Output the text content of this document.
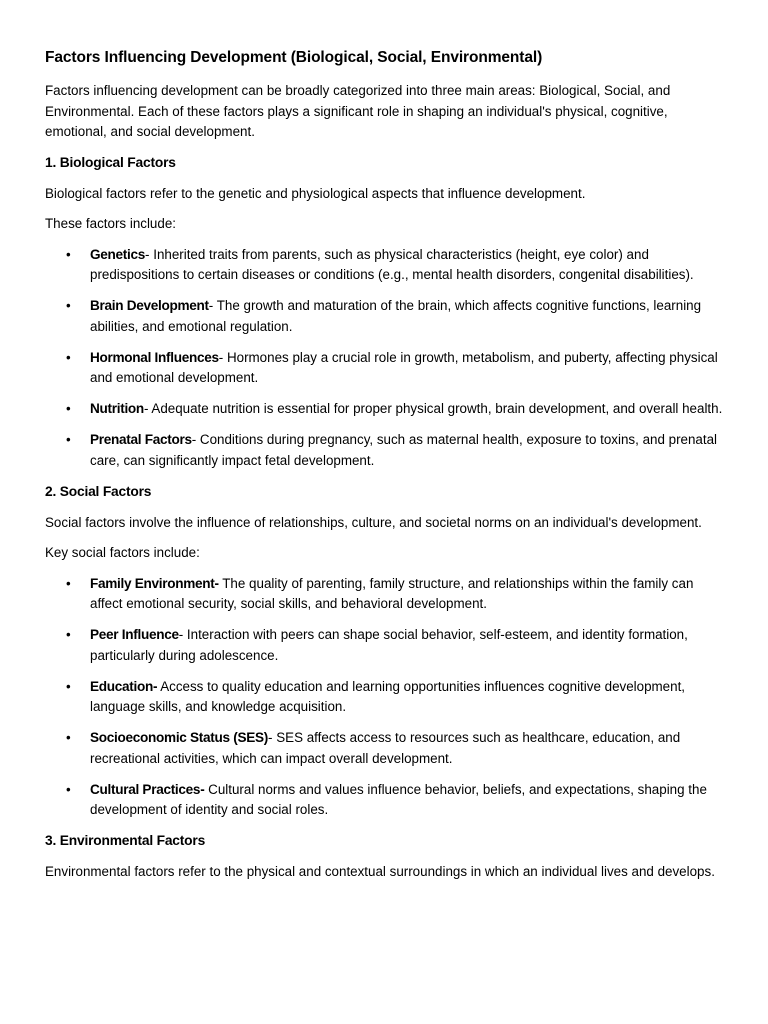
Factors Influencing Development (Biological, Social, Environmental)

Factors influencing development can be broadly categorized into three main areas: Biological, Social, and Environmental. Each of these factors plays a significant role in shaping an individual's physical, cognitive, emotional, and social development.

1. Biological Factors

Biological factors refer to the genetic and physiological aspects that influence development.

These factors include:

• Genetics- Inherited traits from parents, such as physical characteristics (height, eye color) and predispositions to certain diseases or conditions (e.g., mental health disorders, congenital disabilities).
• Brain Development- The growth and maturation of the brain, which affects cognitive functions, learning abilities, and emotional regulation.
• Hormonal Influences- Hormones play a crucial role in growth, metabolism, and puberty, affecting physical and emotional development.
• Nutrition- Adequate nutrition is essential for proper physical growth, brain development, and overall health.
• Prenatal Factors- Conditions during pregnancy, such as maternal health, exposure to toxins, and prenatal care, can significantly impact fetal development.
2. Social Factors

Social factors involve the influence of relationships, culture, and societal norms on an individual's development.

Key social factors include:

• Family Environment- The quality of parenting, family structure, and relationships within the family can affect emotional security, social skills, and behavioral development.
• Peer Influence- Interaction with peers can shape social behavior, self-esteem, and identity formation, particularly during adolescence.
• Education- Access to quality education and learning opportunities influences cognitive development, language skills, and knowledge acquisition.
• Socioeconomic Status (SES)- SES affects access to resources such as healthcare, education, and recreational activities, which can impact overall development.
• Cultural Practices- Cultural norms and values influence behavior, beliefs, and expectations, shaping the development of identity and social roles.
3. Environmental Factors

Environmental factors refer to the physical and contextual surroundings in which an individual lives and develops.
